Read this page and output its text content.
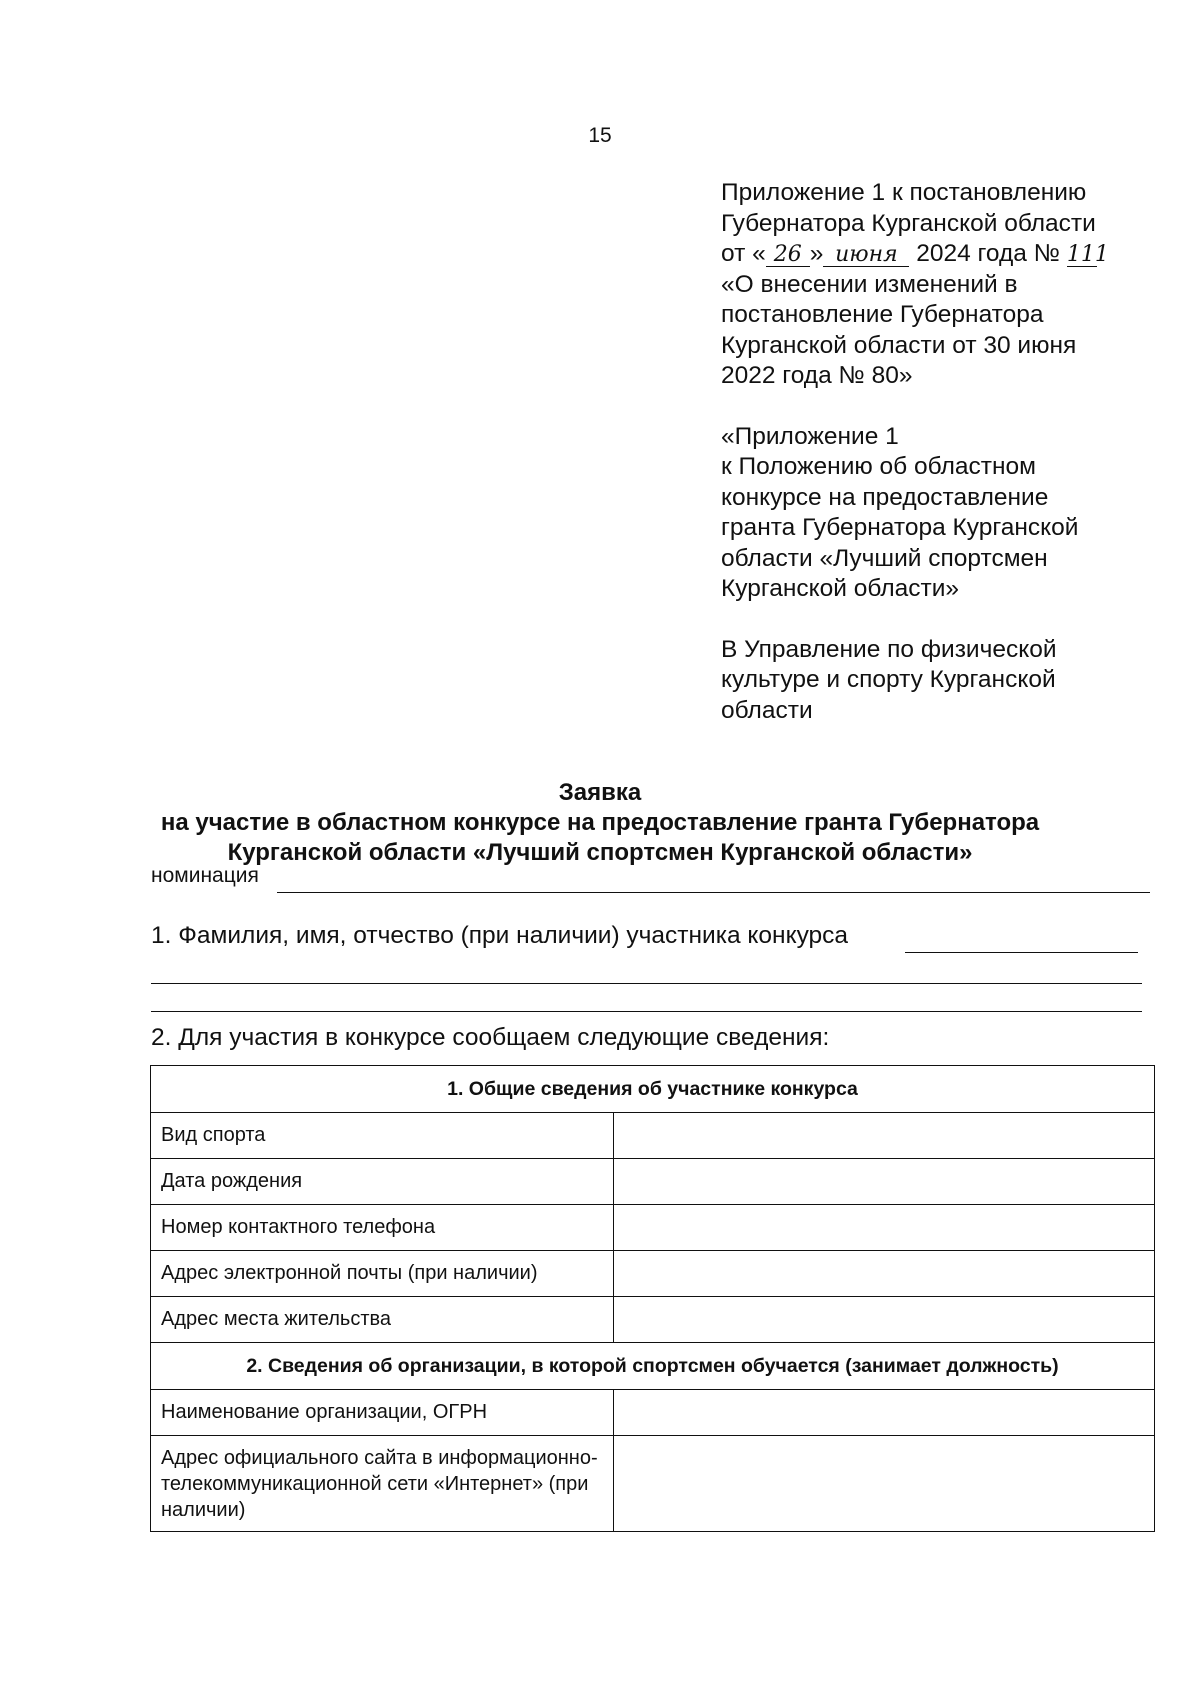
15
Приложение 1 к постановлению
Губернатора Курганской области
от « 26 » июня 2024 года № 111
«О внесении изменений в
постановление Губернатора
Курганской области от 30 июня
2022 года № 80»
«Приложение 1
к Положению об областном
конкурсе на предоставление
гранта Губернатора Курганской
области «Лучший спортсмен
Курганской области»
В Управление по физической
культуре и спорту Курганской
области
Заявка
на участие в областном конкурсе на предоставление гранта Губернатора
Курганской области «Лучший спортсмен Курганской области»
номинация
1. Фамилия, имя, отчество (при наличии) участника конкурса
2. Для участия в конкурсе сообщаем следующие сведения:
1. Общие сведения об участнике конкурса	
Вид спорта	
Дата рождения	
Номер контактного телефона	
Адрес электронной почты (при наличии)	
Адрес места жительства	
2. Сведения об организации, в которой спортсмен обучается (занимает должность)	
Наименование организации, ОГРН	
Адрес официального сайта в информационно-телекоммуникационной сети «Интернет» (при наличии)	
